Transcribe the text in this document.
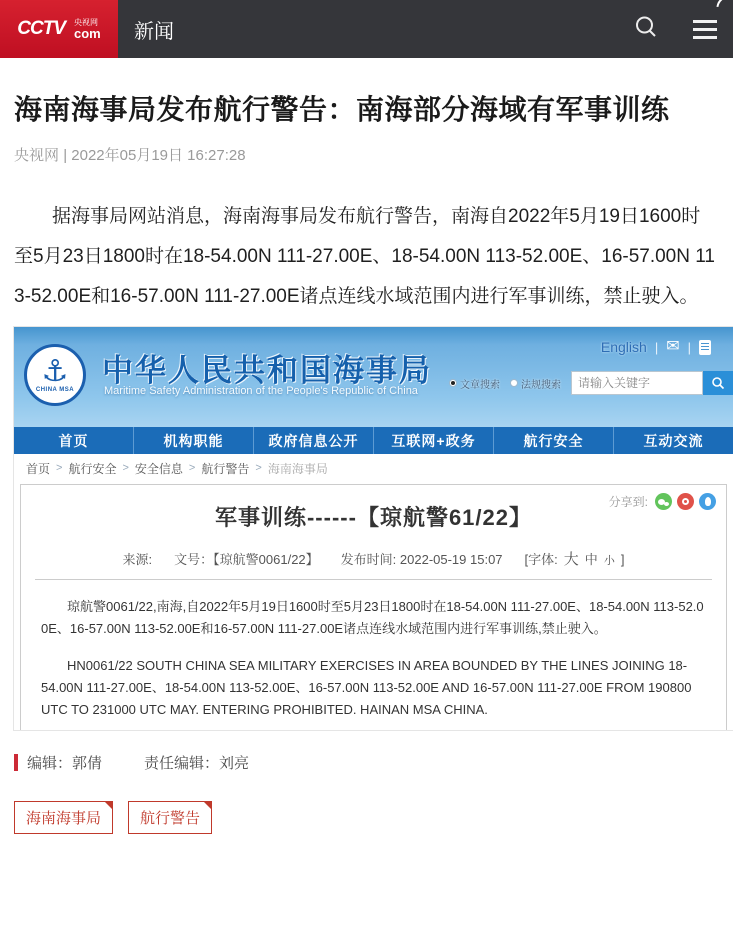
CCTV 央视网
com 新闻
海南海事局发布航行警告：南海部分海域有军事训练
央视网 | 2022年05月19日 16:27:28

据海事局网站消息，海南海事局发布航行警告，南海自2022年5月19日1600时至5月23日1800时在18-54.00N 111-27.00E、18-54.00N 113-52.00E、16-57.00N 113-52.00E和16-57.00N 111-27.00E诸点连线水域范围内进行军事训练，禁止驶入。

⚓
CHINA MSA
中华人民共和国海事局
Maritime Safety Administration of the People's Republic of China
English | ✉ |
文章搜索 法规搜索
请输入关键字
首页	机构职能	政府信息公开	互联网+政务	航行安全	互动交流
首页 > 航行安全 > 安全信息 > 航行警告 > 海南海事局
分享到:
军事训练------【琼航警61/22】
来源: 文号：【琼航警0061/22】 发布时间: 2022-05-19 15:07 [字体: 大 中 小 ]

琼航警0061/22,南海,自2022年5月19日1600时至5月23日1800时在18-54.00N 111-27.00E、18-54.00N 113-52.00E、16-57.00N 113-52.00E和16-57.00N 111-27.00E诸点连线水域范围内进行军事训练,禁止驶入。

HN0061/22 SOUTH CHINA SEA MILITARY EXERCISES IN AREA BOUNDED BY THE LINES JOINING 18-54.00N 111-27.00E、18-54.00N 113-52.00E、16-57.00N 113-52.00E AND 16-57.00N 111-27.00E FROM 190800 UTC TO 231000 UTC MAY. ENTERING PROHIBITED. HAINAN MSA CHINA.

编辑：郭倩	责任编辑：刘亮
海南海事局	航行警告
